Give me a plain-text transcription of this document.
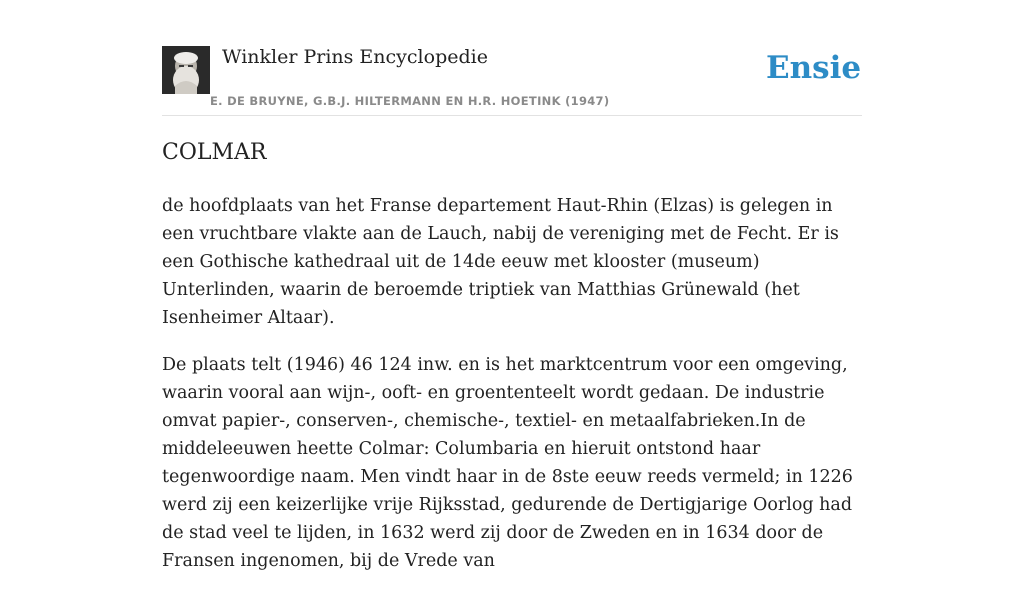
Winkler Prins Encyclopedie
E. DE BRUYNE, G.B.J. HILTERMANN EN H.R. HOETINK (1947)
Ensie
COLMAR

de hoofdplaats van het Franse departement Haut-Rhin (Elzas) is gelegen in een vruchtbare vlakte aan de Lauch, nabij de vereniging met de Fecht. Er is een Gothische kathedraal uit de 14de eeuw met klooster (museum) Unterlinden, waarin de beroemde triptiek van Matthias Grünewald (het Isenheimer Altaar).

De plaats telt (1946) 46 124 inw. en is het marktcentrum voor een omgeving, waarin vooral aan wijn-, ooft- en groententeelt wordt gedaan. De industrie omvat papier-, conserven-, chemische-, textiel- en metaalfabrieken.In de middeleeuwen heette Colmar: Columbaria en hieruit ontstond haar tegenwoordige naam. Men vindt haar in de 8ste eeuw reeds vermeld; in 1226 werd zij een keizerlijke vrije Rijksstad, gedurende de Dertigjarige Oorlog had de stad veel te lijden, in 1632 werd zij door de Zweden en in 1634 door de Fransen ingenomen, bij de Vrede van
